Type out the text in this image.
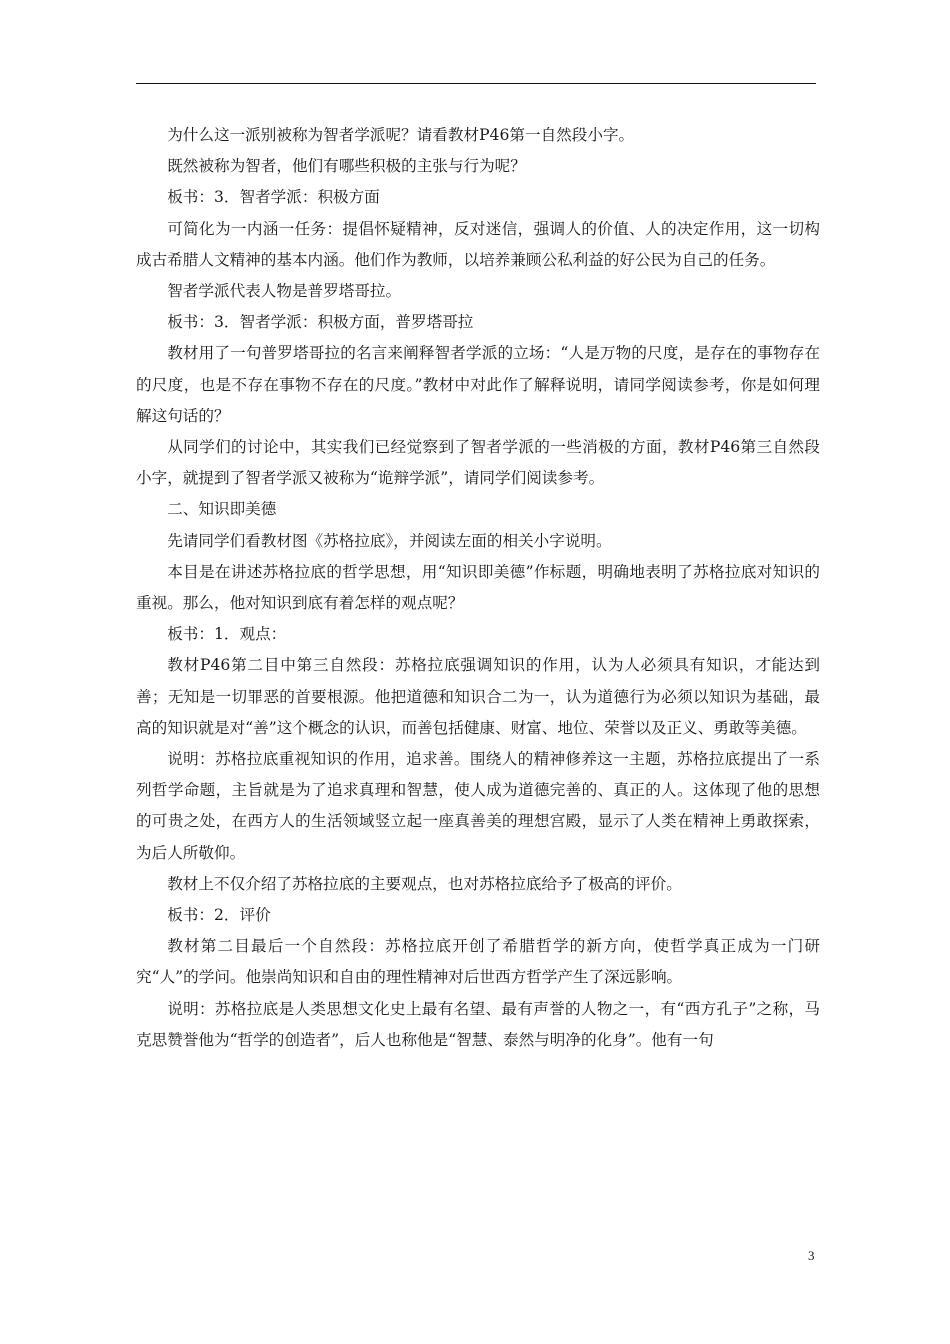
为什么这一派别被称为智者学派呢？请看教材P46第一自然段小字。

既然被称为智者，他们有哪些积极的主张与行为呢？

板书：3．智者学派：积极方面

可简化为一内涵一任务：提倡怀疑精神，反对迷信，强调人的价值、人的决定作用，这一切构成古希腊人文精神的基本内涵。他们作为教师，以培养兼顾公私利益的好公民为自己的任务。

智者学派代表人物是普罗塔哥拉。

板书：3．智者学派：积极方面，普罗塔哥拉

教材用了一句普罗塔哥拉的名言来阐释智者学派的立场：“人是万物的尺度，是存在的事物存在的尺度，也是不存在事物不存在的尺度。”教材中对此作了解释说明，请同学阅读参考，你是如何理解这句话的？

从同学们的讨论中，其实我们已经觉察到了智者学派的一些消极的方面，教材P46第三自然段小字，就提到了智者学派又被称为“诡辩学派”，请同学们阅读参考。

二、知识即美德

先请同学们看教材图《苏格拉底》，并阅读左面的相关小字说明。

本目是在讲述苏格拉底的哲学思想，用“知识即美德”作标题，明确地表明了苏格拉底对知识的重视。那么，他对知识到底有着怎样的观点呢？

板书：1．观点：

教材P46第二目中第三自然段：苏格拉底强调知识的作用，认为人必须具有知识，才能达到善；无知是一切罪恶的首要根源。他把道德和知识合二为一，认为道德行为必须以知识为基础，最高的知识就是对“善”这个概念的认识，而善包括健康、财富、地位、荣誉以及正义、勇敢等美德。

说明：苏格拉底重视知识的作用，追求善。围绕人的精神修养这一主题，苏格拉底提出了一系列哲学命题，主旨就是为了追求真理和智慧，使人成为道德完善的、真正的人。这体现了他的思想的可贵之处，在西方人的生活领域竖立起一座真善美的理想宫殿，显示了人类在精神上勇敢探索，为后人所敬仰。

教材上不仅介绍了苏格拉底的主要观点，也对苏格拉底给予了极高的评价。

板书：2．评价

教材第二目最后一个自然段：苏格拉底开创了希腊哲学的新方向，使哲学真正成为一门研究“人”的学问。他崇尚知识和自由的理性精神对后世西方哲学产生了深远影响。

说明：苏格拉底是人类思想文化史上最有名望、最有声誉的人物之一，有“西方孔子”之称，马克思赞誉他为“哲学的创造者”，后人也称他是“智慧、泰然与明净的化身”。他有一句

3
